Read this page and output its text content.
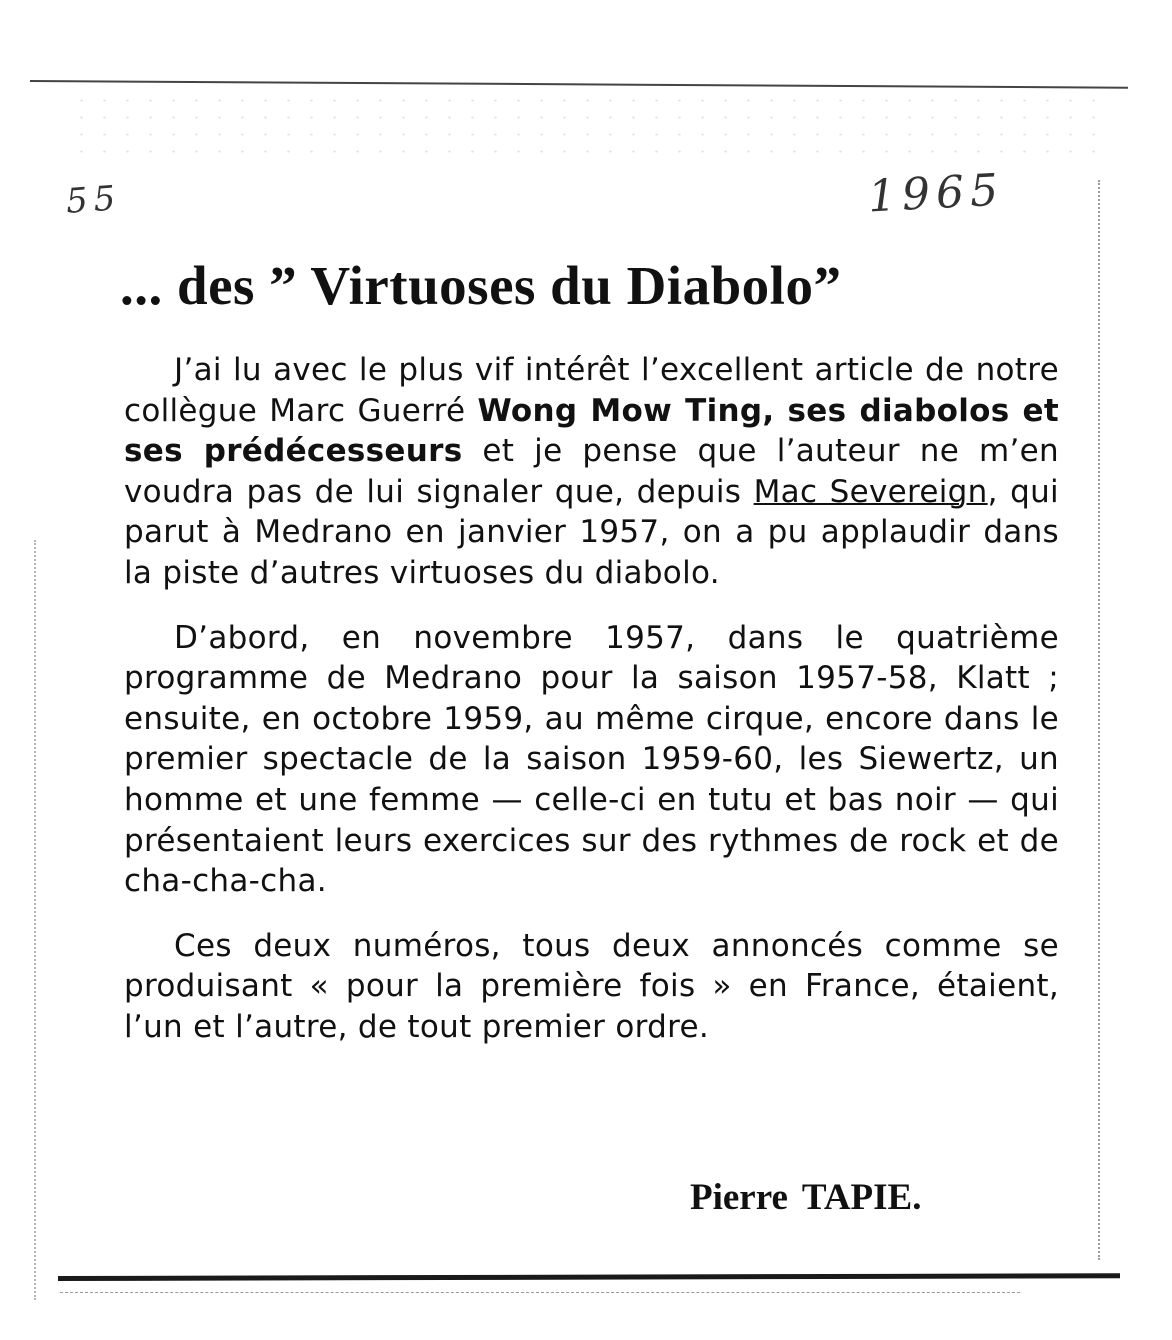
55	1965
... des ” Virtuoses du Diabolo”

J’ai lu avec le plus vif intérêt l’excellent article de notre collègue Marc Guerré Wong Mow Ting, ses diabolos et ses prédécesseurs et je pense que l’auteur ne m’en voudra pas de lui signaler que, depuis Mac Severeign, qui parut à Medrano en janvier 1957, on a pu applaudir dans la piste d’autres virtuoses du diabolo.

D’abord, en novembre 1957, dans le quatrième programme de Medrano pour la saison 1957-58, Klatt ; ensuite, en octobre 1959, au même cirque, encore dans le premier spectacle de la saison 1959-60, les Siewertz, un homme et une femme — celle-ci en tutu et bas noir — qui présentaient leurs exercices sur des rythmes de rock et de cha-cha-cha.

Ces deux numéros, tous deux annoncés comme se produisant « pour la première fois » en France, étaient, l’un et l’autre, de tout premier ordre.

Pierre TAPIE.
